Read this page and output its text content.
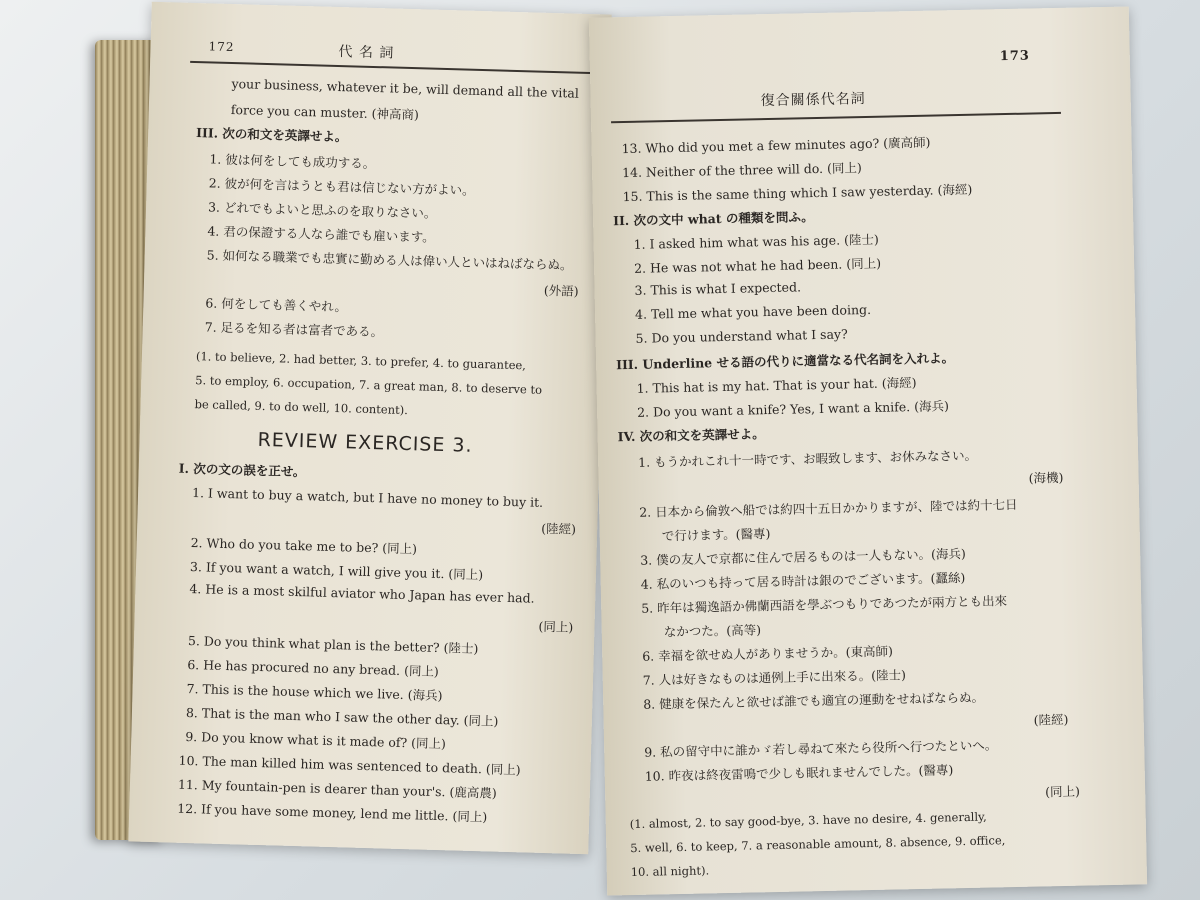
172	代 名 詞
your business, whatever it be, will demand all the vital
force you can muster. (神高商)
III. 次の和文を英譯せよ。
1. 彼は何をしても成功する。
2. 彼が何を言はうとも君は信じない方がよい。
3. どれでもよいと思ふのを取りなさい。
4. 君の保證する人なら誰でも雇います。
5. 如何なる職業でも忠實に勤める人は偉い人といはねばならぬ。
(外語)
6. 何をしても善くやれ。
7. 足るを知る者は富者である。
(1. to believe, 2. had better, 3. to prefer, 4. to guarantee,
5. to employ, 6. occupation, 7. a great man, 8. to deserve to
be called, 9. to do well, 10. content).
REVIEW EXERCISE 3.
I. 次の文の誤を正せ。
1. I want to buy a watch, but I have no money to buy it.
(陸經)
2. Who do you take me to be? (同上)
3. If you want a watch, I will give you it. (同上)
4. He is a most skilful aviator who Japan has ever had.
(同上)
5. Do you think what plan is the better? (陸士)
6. He has procured no any bread. (同上)
7. This is the house which we live. (海兵)
8. That is the man who I saw the other day. (同上)
9. Do you know what is it made of? (同上)
10. The man killed him was sentenced to death. (同上)
11. My fountain-pen is dearer than your's. (鹿高農)
12. If you have some money, lend me little. (同上)
173
復合關係代名詞
13. Who did you met a few minutes ago? (廣高師)
14. Neither of the three will do. (同上)
15. This is the same thing which I saw yesterday. (海經)
II. 次の文中 what の種類を問ふ。
1. I asked him what was his age. (陸士)
2. He was not what he had been. (同上)
3. This is what I expected.
4. Tell me what you have been doing.
5. Do you understand what I say?
III. Underline せる語の代りに適當なる代名詞を入れよ。
1. This hat is my hat. That is your hat. (海經)
2. Do you want a knife? Yes, I want a knife. (海兵)
IV. 次の和文を英譯せよ。
1. もうかれこれ十一時です、お暇致します、お休みなさい。
(海機)
2. 日本から倫敦へ船では約四十五日かかりますが、陸では約十七日
で行けます。(醫專)
3. 僕の友人で京都に住んで居るものは一人もない。(海兵)
4. 私のいつも持って居る時計は銀のでございます。(蠶絲)
5. 昨年は獨逸語か佛蘭西語を學ぶつもりであつたが兩方とも出來
なかつた。(高等)
6. 幸福を欲せぬ人がありませうか。(東高師)
7. 人は好きなものは通例上手に出來る。(陸士)
8. 健康を保たんと欲せば誰でも適宜の運動をせねばならぬ。
(陸經)
9. 私の留守中に誰かゞ若し尋ねて來たら役所へ行つたといへ。
10. 昨夜は終夜雷鳴で少しも眠れませんでした。(醫專)
(同上)
(1. almost, 2. to say good-bye, 3. have no desire, 4. generally,
5. well, 6. to keep, 7. a reasonable amount, 8. absence, 9. office,
10. all night).
